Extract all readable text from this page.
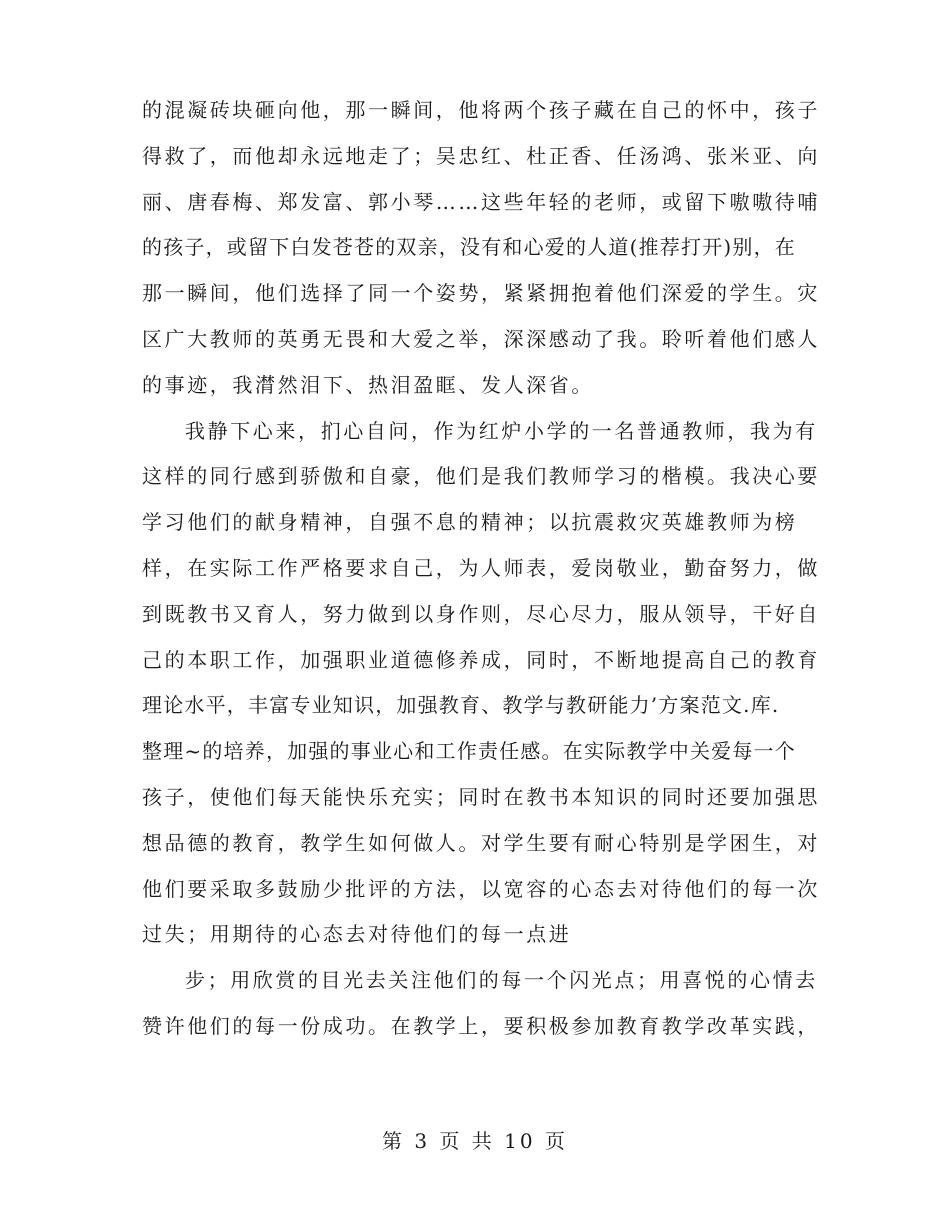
的混凝砖块砸向他，那一瞬间，他将两个孩子藏在自己的怀中，孩子
得救了，而他却永远地走了；吴忠红、杜正香、任汤鸿、张米亚、向
丽、唐春梅、郑发富、郭小琴……这些年轻的老师，或留下嗷嗷待哺
的孩子，或留下白发苍苍的双亲，没有和心爱的人道(推荐打开)别，在
那一瞬间，他们选择了同一个姿势，紧紧拥抱着他们深爱的学生。灾
区广大教师的英勇无畏和大爱之举，深深感动了我。聆听着他们感人
的事迹，我潸然泪下、热泪盈眶、发人深省。
我静下心来，扪心自问，作为红炉小学的一名普通教师，我为有
这样的同行感到骄傲和自豪，他们是我们教师学习的楷模。我决心要
学习他们的献身精神，自强不息的精神；以抗震救灾英雄教师为榜
样，在实际工作严格要求自己，为人师表，爱岗敬业，勤奋努力，做
到既教书又育人，努力做到以身作则，尽心尽力，服从领导，干好自
己的本职工作，加强职业道德修养成，同时，不断地提高自己的教育
理论水平，丰富专业知识，加强教育、教学与教研能力’方案范文.库.
整理~的培养，加强的事业心和工作责任感。在实际教学中关爱每一个
孩子，使他们每天能快乐充实；同时在教书本知识的同时还要加强思
想品德的教育，教学生如何做人。对学生要有耐心特别是学困生，对
他们要采取多鼓励少批评的方法，以宽容的心态去对待他们的每一次
过失；用期待的心态去对待他们的每一点进
步；用欣赏的目光去关注他们的每一个闪光点；用喜悦的心情去
赞许他们的每一份成功。在教学上，要积极参加教育教学改革实践，
第 3 页 共 10 页
